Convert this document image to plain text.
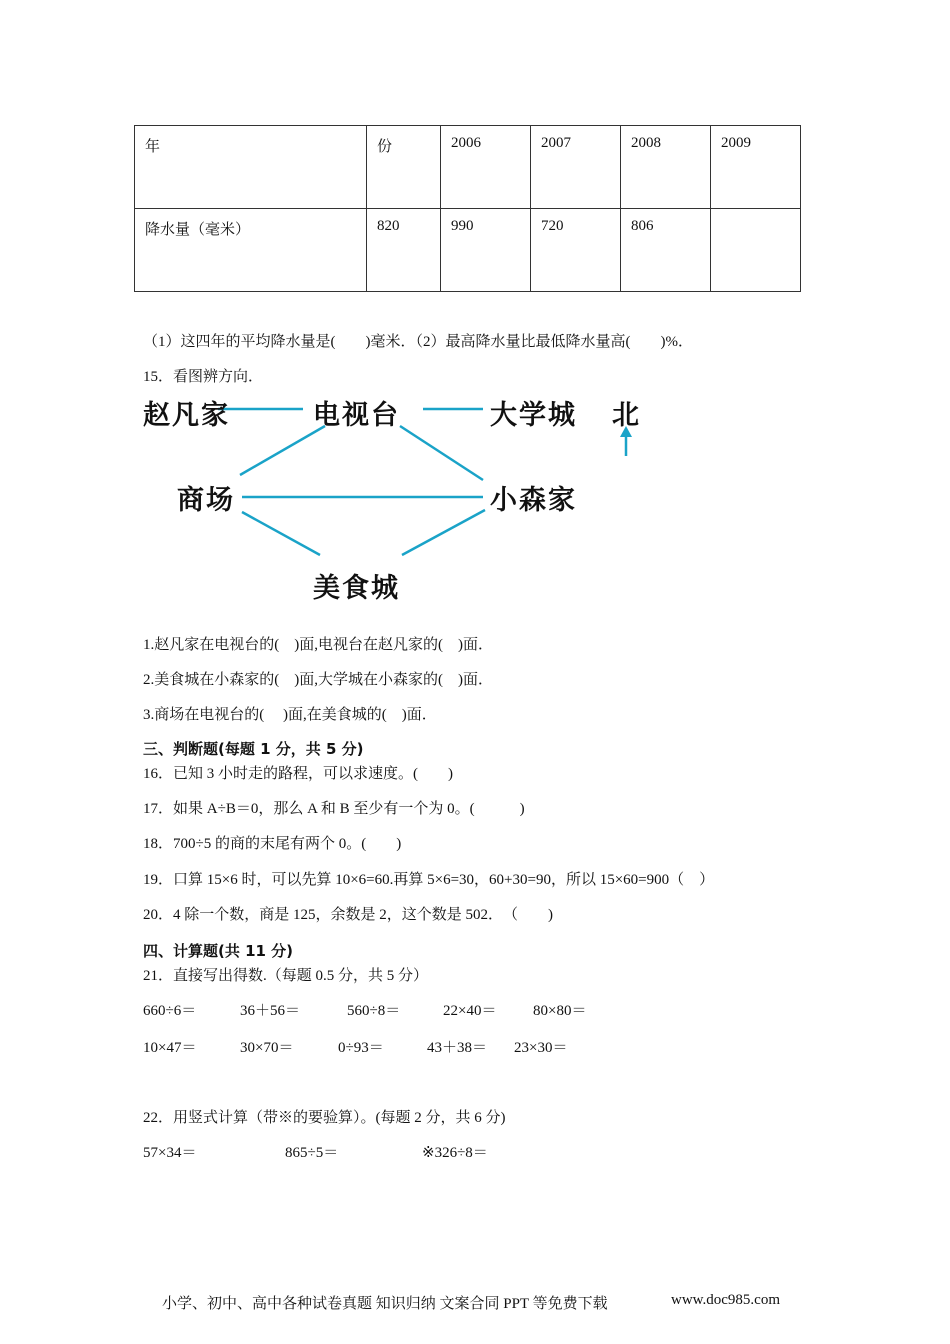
年	份	2006	2007	2008	2009
降水量（毫米）	820	990	720	806	
（1）这四年的平均降水量是(　　)毫米．（2）最高降水量比最低降水量高(　　)%．
15．看图辨方向．
赵凡家	电视台	大学城 北
商场	小森家
美食城
1.赵凡家在电视台的(　)面,电视台在赵凡家的(　)面．
2.美食城在小森家的(　)面,大学城在小森家的(　)面．
3.商场在电视台的(　 )面,在美食城的(　)面．
三、判断题(每题 1 分，共 5 分)
16．已知 3 小时走的路程，可以求速度。(　　)
17．如果 A÷B＝0，那么 A 和 B 至少有一个为 0。(　　　)
18．700÷5 的商的末尾有两个 0。(　　)
19．口算 15×6 时，可以先算 10×6=60.再算 5×6=30，60+30=90，所以 15×60=900（　）
20．4 除一个数，商是 125，余数是 2，这个数是 502．　（　　)
四、计算题(共 11 分)
21．直接写出得数.（每题 0.5 分，共 5 分）
660÷6＝	36＋56＝	560÷8＝	22×40＝ 80×80＝
10×47＝	30×70＝	0÷93＝	43＋38＝ 23×30＝
22．用竖式计算（带※的要验算）。(每题 2 分，共 6 分)
57×34＝	865÷5＝	※326÷8＝
小学、初中、高中各种试卷真题 知识归纳 文案合同 PPT 等免费下载	www.doc985.com
